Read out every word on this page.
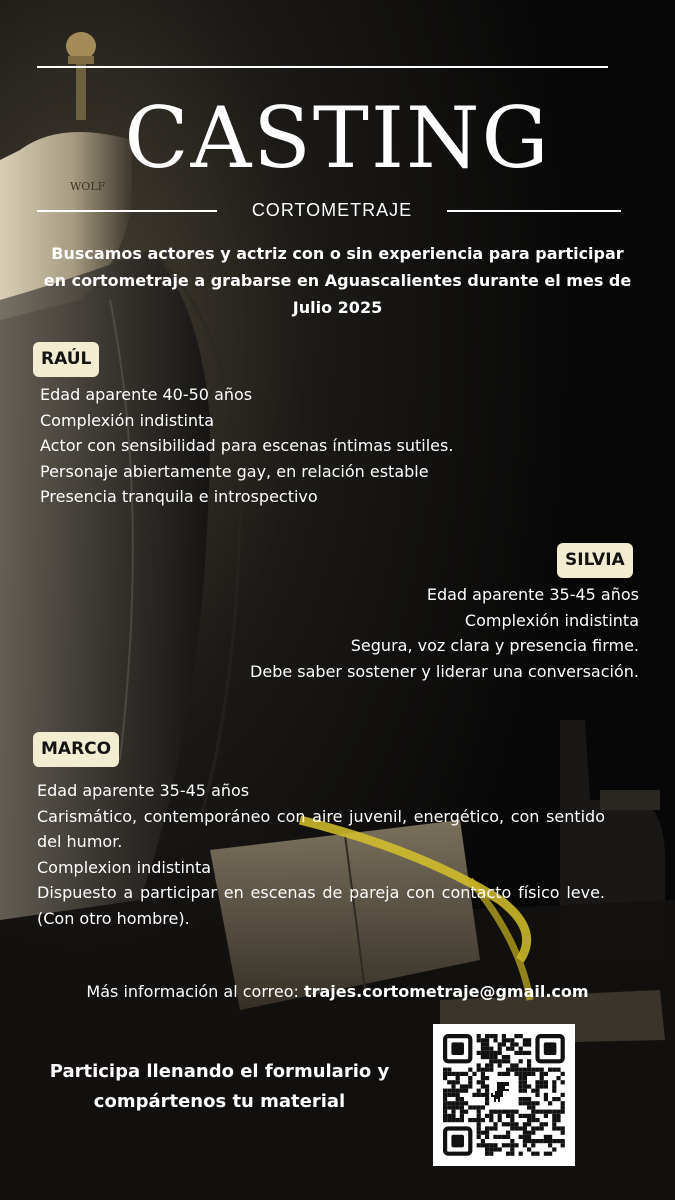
WOLF CASTING
CORTOMETRAJE

Buscamos actores y actriz con o sin experiencia para participar en cortometraje a grabarse en Aguascalientes durante el mes de Julio 2025

RAÚL
Edad aparente 40-50 años
Complexión indistinta
Actor con sensibilidad para escenas íntimas sutiles.
Personaje abiertamente gay, en relación estable
Presencia tranquila e introspectivo
SILVIA
Edad aparente 35-45 años
Complexión indistinta
Segura, voz clara y presencia firme.
Debe saber sostener y liderar una conversación.
MARCO
Edad aparente 35-45 años
Carismático, contemporáneo con aire juvenil, energético, con sentido del humor.
Complexion indistinta
Dispuesto a participar en escenas de pareja con contacto físico leve. (Con otro hombre).
Más información al correo: trajes.cortometraje@gmail.com

Participa llenando el formulario y compártenos tu material
